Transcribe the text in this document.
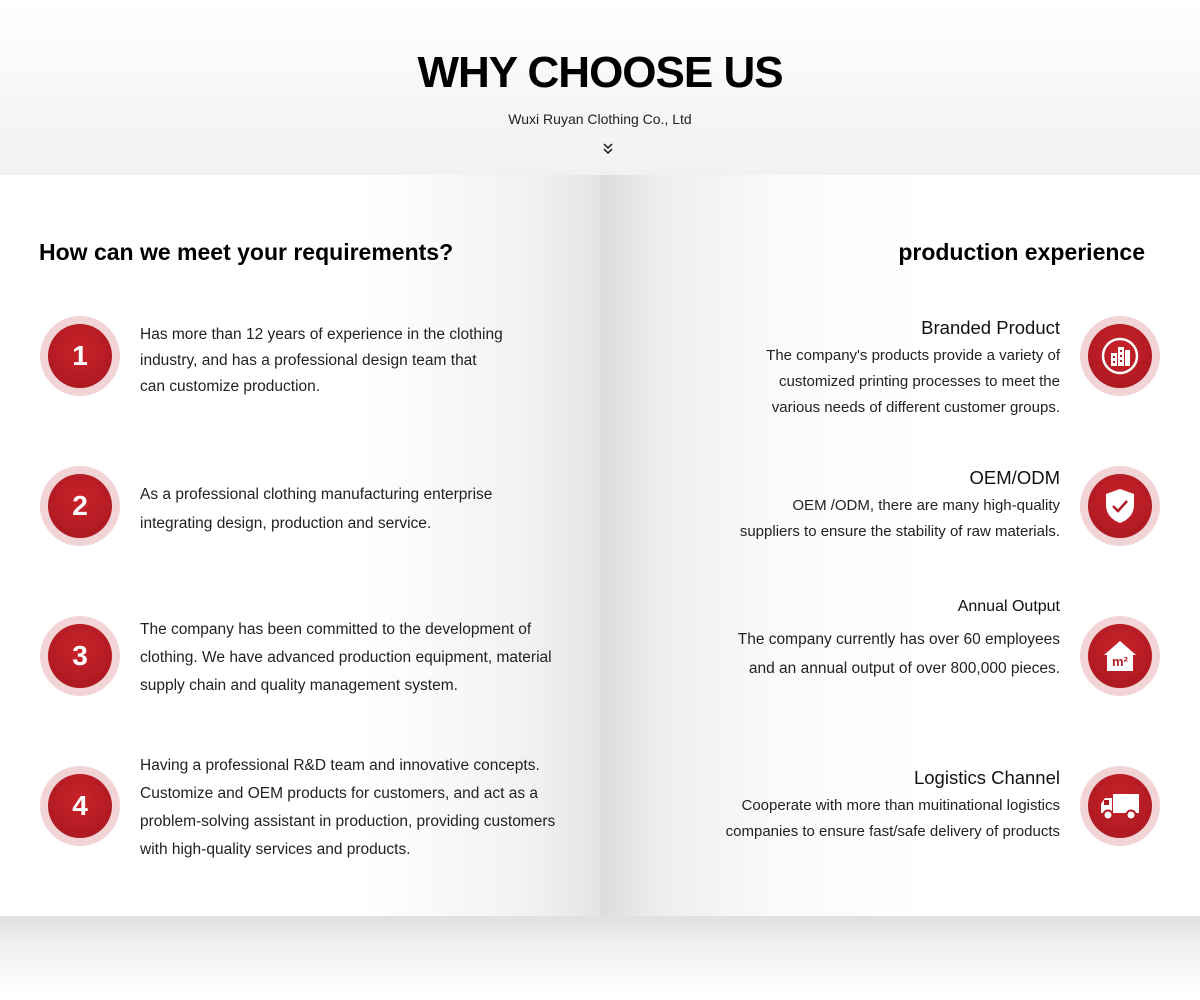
WHY CHOOSE US
Wuxi Ruyan Clothing Co., Ltd
How can we meet your requirements?
1
Has more than 12 years of experience in the clothing
industry, and has a professional design team that
can customize production.
2	As a professional clothing manufacturing enterprise
integrating design, production and service.
3
The company has been committed to the development of
clothing. We have advanced production equipment, material
supply chain and quality management system.
4
Having a professional R&D team and innovative concepts.
Customize and OEM products for customers, and act as a
problem-solving assistant in production, providing customers
with high-quality services and products.
production experience
Branded Product
The company's products provide a variety of
customized printing processes to meet the
various needs of different customer groups.
OEM/ODM
OEM /ODM, there are many high-quality
suppliers to ensure the stability of raw materials.
Annual Output
The company currently has over 60 employees
and an annual output of over 800,000 pieces.	m²
Logistics Channel
Cooperate with more than muitinational logistics
companies to ensure fast/safe delivery of products
